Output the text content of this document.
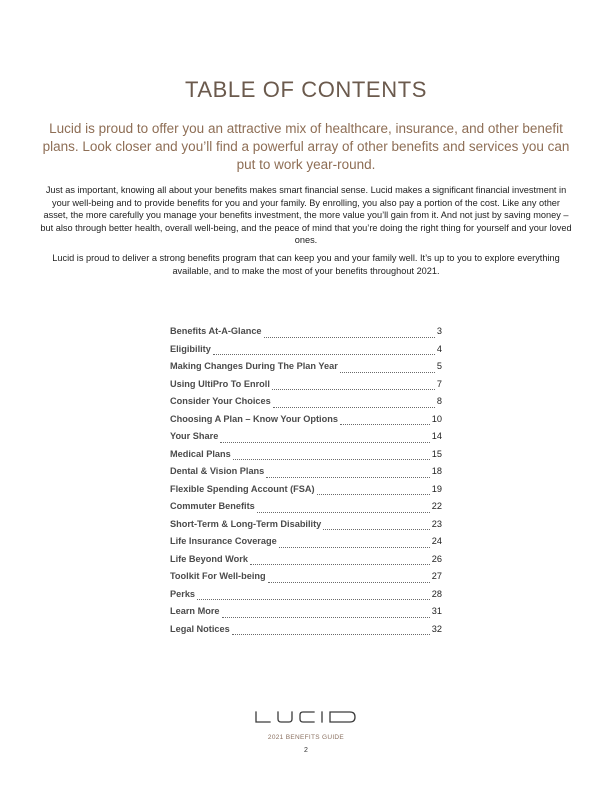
TABLE OF CONTENTS

Lucid is proud to offer you an attractive mix of healthcare, insurance, and other benefit plans. Look closer and you’ll find a powerful array of other benefits and services you can put to work year-round.

Just as important, knowing all about your benefits makes smart financial sense. Lucid makes a significant financial investment in your well-being and to provide benefits for you and your family. By enrolling, you also pay a portion of the cost. Like any other asset, the more carefully you manage your benefits investment, the more value you’ll gain from it. And not just by saving money – but also through better health, overall well-being, and the peace of mind that you’re doing the right thing for yourself and your loved ones.

Lucid is proud to deliver a strong benefits program that can keep you and your family well. It’s up to you to explore everything available, and to make the most of your benefits throughout 2021.

Benefits At-A-Glance	3
Eligibility	4
Making Changes During The Plan Year	5
Using UltiPro To Enroll	7
Consider Your Choices	8
Choosing A Plan – Know Your Options	10
Your Share	14
Medical Plans	15
Dental & Vision Plans	18
Flexible Spending Account (FSA)	19
Commuter Benefits	22
Short-Term & Long-Term Disability	23
Life Insurance Coverage	24
Life Beyond Work	26
Toolkit For Well-being	27
Perks	28
Learn More	31
Legal Notices	32
2021 BENEFITS GUIDE
2
